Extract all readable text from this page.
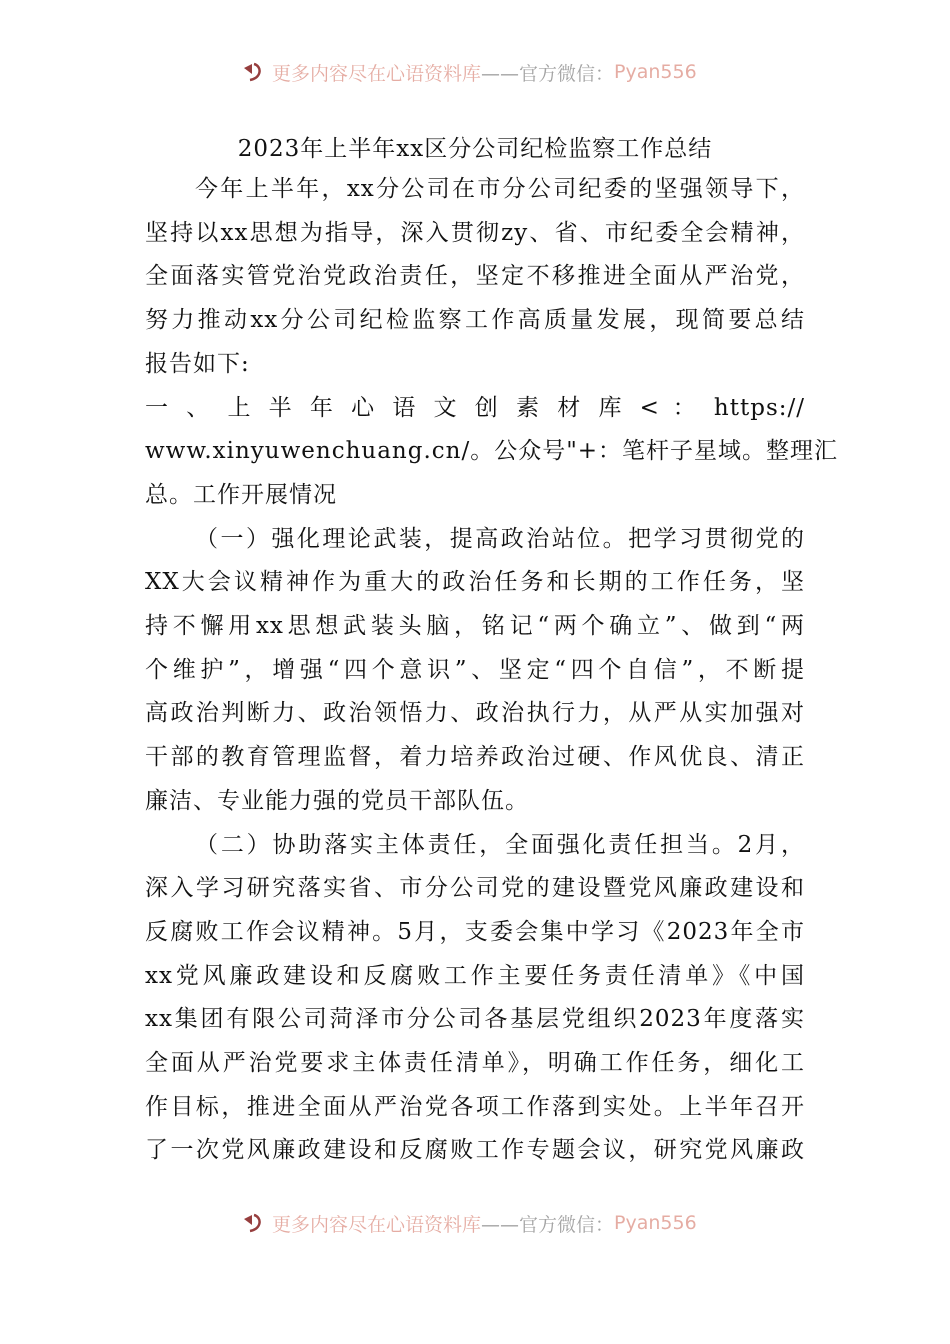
更多内容尽在心语资料库 ——官方微信： Pyan556
2023年上半年xx区分公司纪检监察工作总结
今年上半年，xx分公司在市分公司纪委的坚强领导下，
坚持以xx思想为指导，深入贯彻zy、省、市纪委全会精神，
全面落实管党治党政治责任，坚定不移推进全面从严治党，
努力推动xx分公司纪检监察工作高质量发展，现简要总结
报告如下:
一 、 上 半 年 心 语 文 创 素 材 库 < ： https://
www.xinyuwenchuang.cn/。公众号"+：笔杆子星域。整理汇
总。工作开展情况
（一）强化理论武装，提高政治站位。把学习贯彻党的
XX大会议精神作为重大的政治任务和长期的工作任务，坚
持不懈用xx思想武装头脑，铭记“两个确立”、做到“两
个维护”，增强“四个意识”、坚定“四个自信”，不断提
高政治判断力、政治领悟力、政治执行力，从严从实加强对
干部的教育管理监督，着力培养政治过硬、作风优良、清正
廉洁、专业能力强的党员干部队伍。
（二）协助落实主体责任，全面强化责任担当。2月，
深入学习研究落实省、市分公司党的建设暨党风廉政建设和
反腐败工作会议精神。5月，支委会集中学习《2023年全市
xx党风廉政建设和反腐败工作主要任务责任清单》《中国
xx集团有限公司菏泽市分公司各基层党组织2023年度落实
全面从严治党要求主体责任清单》，明确工作任务，细化工
作目标，推进全面从严治党各项工作落到实处。上半年召开
了一次党风廉政建设和反腐败工作专题会议，研究党风廉政
更多内容尽在心语资料库 ——官方微信： Pyan556
